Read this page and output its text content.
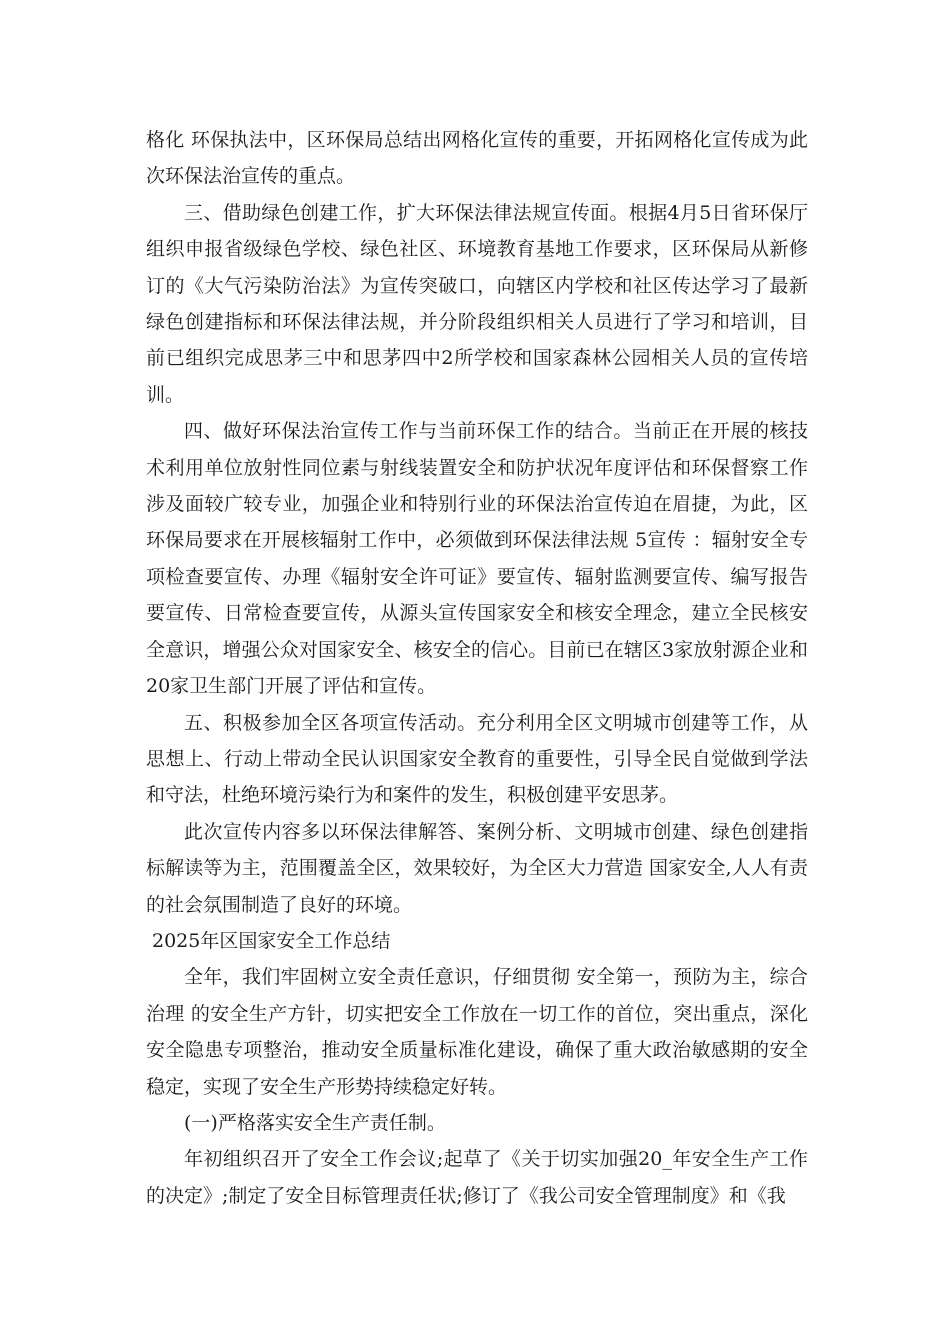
格化 环保执法中，区环保局总结出网格化宣传的重要，开拓网格化宣传成为此次环保法治宣传的重点。

三、借助绿色创建工作，扩大环保法律法规宣传面。根据4月5日省环保厅组织申报省级绿色学校、绿色社区、环境教育基地工作要求，区环保局从新修订的《大气污染防治法》为宣传突破口，向辖区内学校和社区传达学习了最新绿色创建指标和环保法律法规，并分阶段组织相关人员进行了学习和培训，目前已组织完成思茅三中和思茅四中2所学校和国家森林公园相关人员的宣传培训。

四、做好环保法治宣传工作与当前环保工作的结合。当前正在开展的核技术利用单位放射性同位素与射线装置安全和防护状况年度评估和环保督察工作涉及面较广较专业，加强企业和特别行业的环保法治宣传迫在眉捷，为此，区环保局要求在开展核辐射工作中，必须做到环保法律法规 5宣传 ：辐射安全专项检查要宣传、办理《辐射安全许可证》要宣传、辐射监测要宣传、编写报告要宣传、日常检查要宣传，从源头宣传国家安全和核安全理念，建立全民核安全意识，增强公众对国家安全、核安全的信心。目前已在辖区3家放射源企业和20家卫生部门开展了评估和宣传。

五、积极参加全区各项宣传活动。充分利用全区文明城市创建等工作，从思想上、行动上带动全民认识国家安全教育的重要性，引导全民自觉做到学法和守法，杜绝环境污染行为和案件的发生，积极创建平安思茅。

此次宣传内容多以环保法律解答、案例分析、文明城市创建、绿色创建指标解读等为主，范围覆盖全区，效果较好，为全区大力营造 国家安全,人人有责 的社会氛围制造了良好的环境。

2025年区国家安全工作总结

全年，我们牢固树立安全责任意识，仔细贯彻 安全第一，预防为主，综合治理 的安全生产方针，切实把安全工作放在一切工作的首位，突出重点，深化安全隐患专项整治，推动安全质量标准化建设，确保了重大政治敏感期的安全稳定，实现了安全生产形势持续稳定好转。

(一)严格落实安全生产责任制。

年初组织召开了安全工作会议;起草了《关于切实加强20_年安全生产工作的决定》;制定了安全目标管理责任状;修订了《我公司安全管理制度》和《我
